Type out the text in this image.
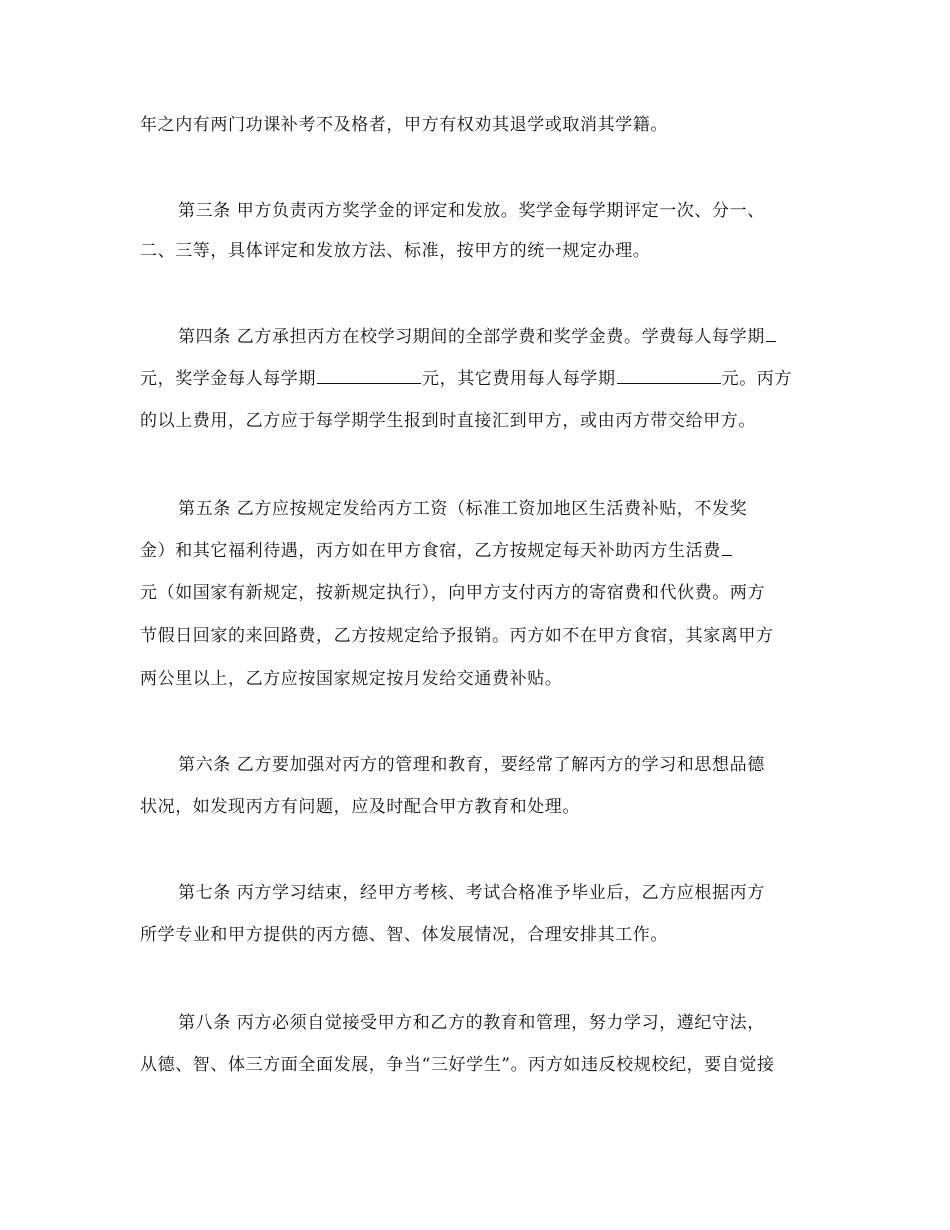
年之内有两门功课补考不及格者，甲方有权劝其退学或取消其学籍。
第三条 甲方负责丙方奖学金的评定和发放。奖学金每学期评定一次、分一、
二、三等，具体评定和发放方法、标准，按甲方的统一规定办理。
第四条 乙方承担丙方在校学习期间的全部学费和奖学金费。学费每人每学期
元，奖学金每人每学期	元，其它费用每人每学期	元。丙方
的以上费用，乙方应于每学期学生报到时直接汇到甲方，或由丙方带交给甲方。
第五条 乙方应按规定发给丙方工资（标准工资加地区生活费补贴，不发奖
金）和其它福利待遇，丙方如在甲方食宿，乙方按规定每天补助丙方生活费
元（如国家有新规定，按新规定执行），向甲方支付丙方的寄宿费和代伙费。两方
节假日回家的来回路费，乙方按规定给予报销。丙方如不在甲方食宿，其家离甲方
两公里以上，乙方应按国家规定按月发给交通费补贴。
第六条 乙方要加强对丙方的管理和教育，要经常了解丙方的学习和思想品德
状况，如发现丙方有问题，应及时配合甲方教育和处理。
第七条 丙方学习结束，经甲方考核、考试合格准予毕业后，乙方应根据丙方
所学专业和甲方提供的丙方德、智、体发展情况，合理安排其工作。
第八条 丙方必须自觉接受甲方和乙方的教育和管理，努力学习，遵纪守法，
从德、智、体三方面全面发展，争当“三好学生”。丙方如违反校规校纪，要自觉接
